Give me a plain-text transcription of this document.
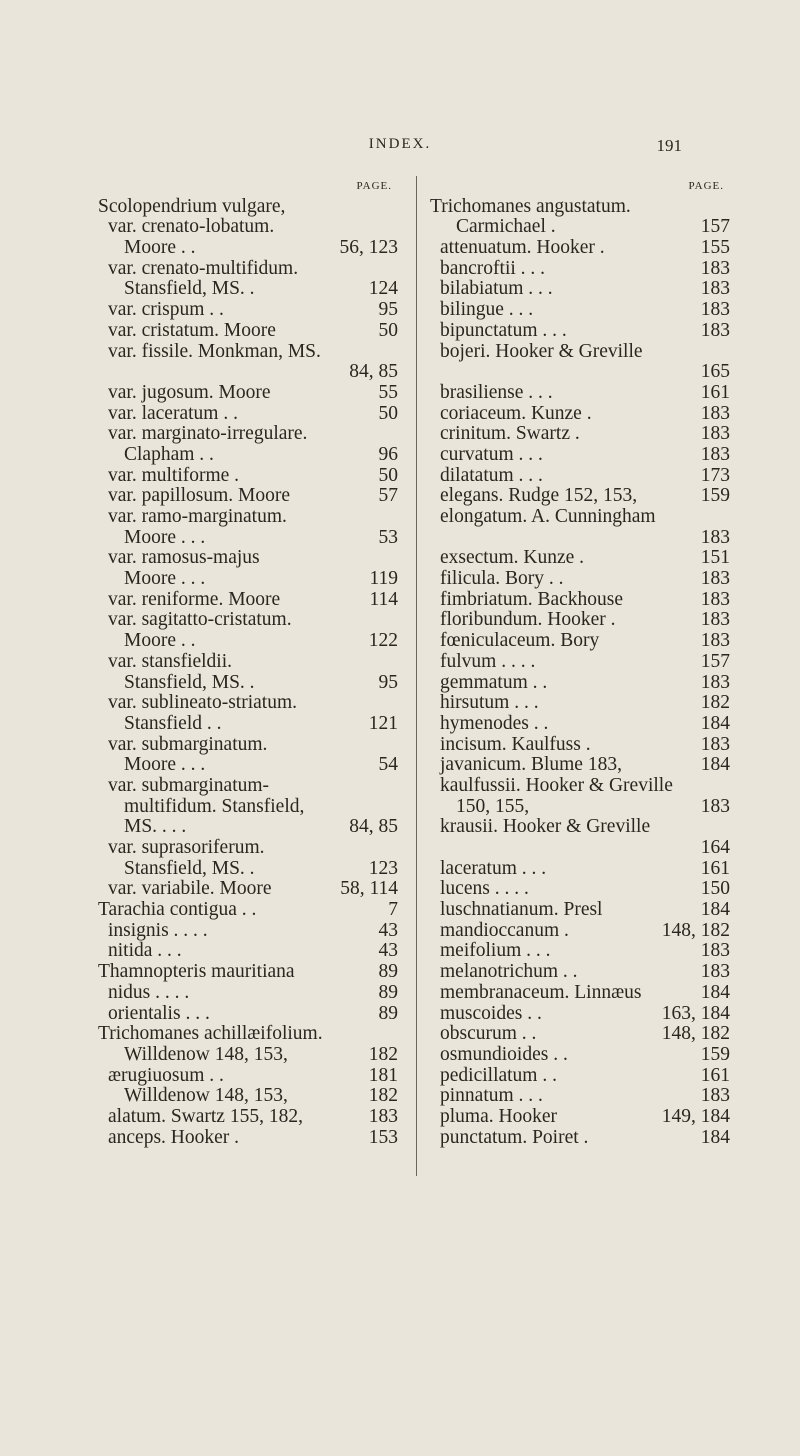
INDEX.	191
PAGE.
Scolopendrium vulgare,
var. crenato-lobatum.
Moore . .	56, 123
var. crenato-multifidum.
Stansfield, MS. .	124
var. crispum . .	95
var. cristatum. Moore	50
var. fissile. Monkman, MS.
84, 85
var. jugosum. Moore	55
var. laceratum . .	50
var. marginato-irregulare.
Clapham . .	96
var. multiforme .	50
var. papillosum. Moore	57
var. ramo-marginatum.
Moore . . .	53
var. ramosus-majus
Moore . . .	119
var. reniforme. Moore	114
var. sagitatto-cristatum.
Moore . .	122
var. stansfieldii.
Stansfield, MS. .	95
var. sublineato-striatum.
Stansfield . .	121
var. submarginatum.
Moore . . .	54
var. submarginatum-
multifidum. Stansfield,
MS. . . .	84, 85
var. suprasoriferum.
Stansfield, MS. .	123
var. variabile. Moore	58, 114
Tarachia contigua . .	7
insignis . . . .	43
nitida . . .	43
Thamnopteris mauritiana	89
nidus . . . .	89
orientalis . . .	89
Trichomanes achillæifolium.
Willdenow 148, 153,	182
ærugiuosum . .	181
Willdenow 148, 153,	182
alatum. Swartz 155, 182,	183
anceps. Hooker .	153
PAGE.
Trichomanes angustatum.
Carmichael .	157
attenuatum. Hooker .	155
bancroftii . . .	183
bilabiatum . . .	183
bilingue . . .	183
bipunctatum . . .	183
bojeri. Hooker & Greville
165
brasiliense . . .	161
coriaceum. Kunze .	183
crinitum. Swartz .	183
curvatum . . .	183
dilatatum . . .	173
elegans. Rudge 152, 153,	159
elongatum. A. Cunningham
183
exsectum. Kunze .	151
filicula. Bory . .	183
fimbriatum. Backhouse	183
floribundum. Hooker .	183
fœniculaceum. Bory	183
fulvum . . . .	157
gemmatum . .	183
hirsutum . . .	182
hymenodes . .	184
incisum. Kaulfuss .	183
javanicum. Blume 183,	184
kaulfussii. Hooker & Greville
150, 155,	183
krausii. Hooker & Greville
164
laceratum . . .	161
lucens . . . .	150
luschnatianum. Presl	184
mandioccanum .	148, 182
meifolium . . .	183
melanotrichum . .	183
membranaceum. Linnæus	184
muscoides . .	163, 184
obscurum . .	148, 182
osmundioides . .	159
pedicillatum . .	161
pinnatum . . .	183
pluma. Hooker	149, 184
punctatum. Poiret .	184
